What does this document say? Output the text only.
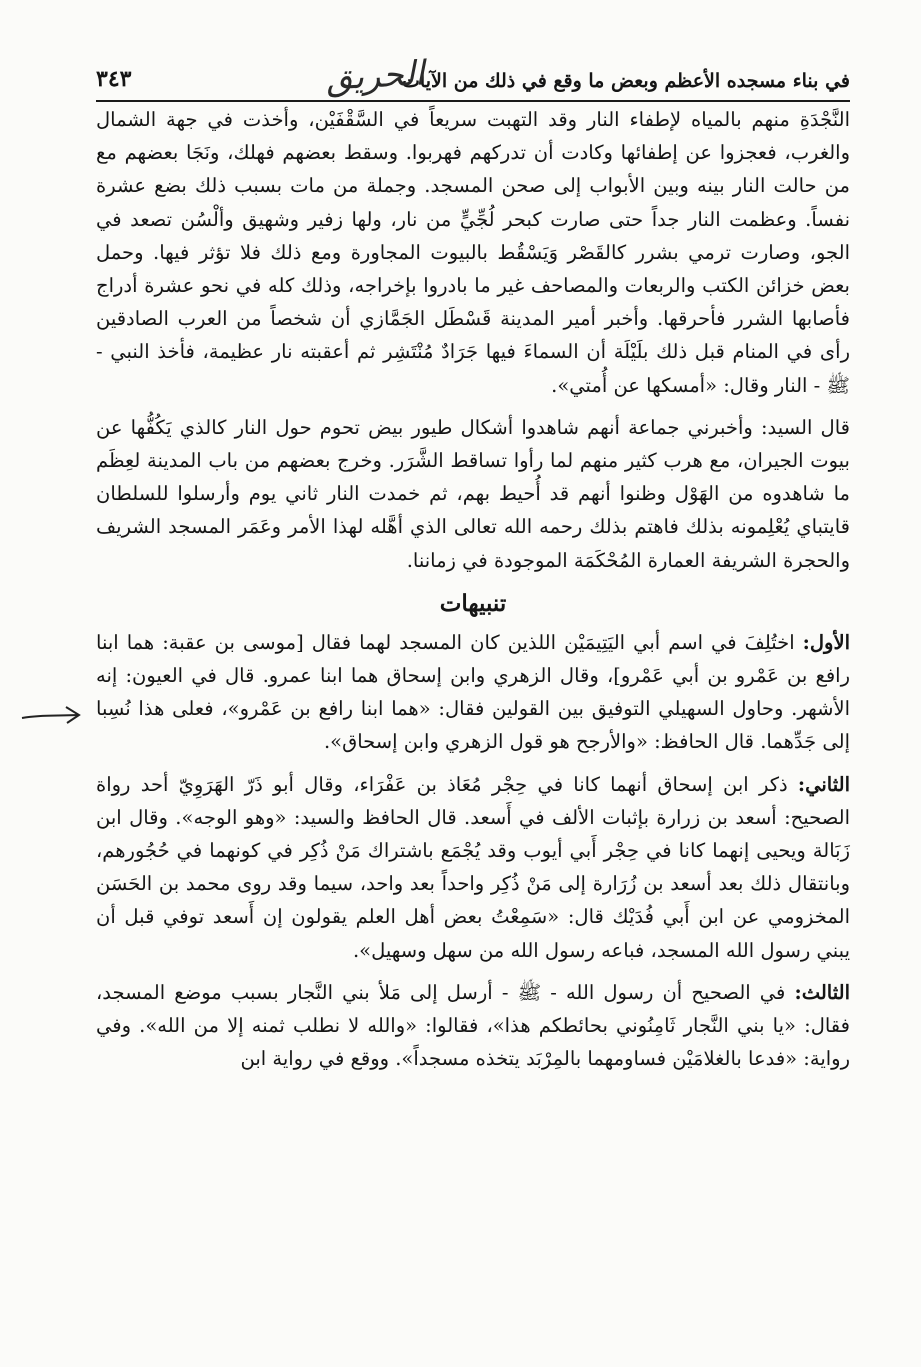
في بناء مسجده الأعظم وبعض ما وقع في ذلك من الآيات
الحريق
٣٤٣

النَّجْدَةِ منهم بالمياه لإطفاء النار وقد التهبت سريعاً في السَّقْفَيْن، وأخذت في جهة الشمال والغرب، فعجزوا عن إطفائها وكادت أن تدركهم فهربوا. وسقط بعضهم فهلك، ونَجَا بعضهم مع من حالت النار بينه وبين الأبواب إلى صحن المسجد. وجملة من مات بسبب ذلك بضع عشرة نفساً. وعظمت النار جداً حتى صارت كبحر لُجِّيٍّ من نار، ولها زفير وشهيق وألْسُن تصعد في الجو، وصارت ترمي بشرر كالقَصْر وَيَسْقُط بالبيوت المجاورة ومع ذلك فلا تؤثر فيها. وحمل بعض خزائن الكتب والربعات والمصاحف غير ما بادروا بإخراجه، وذلك كله في نحو عشرة أدراج فأصابها الشرر فأحرقها. وأخبر أمير المدينة قَسْطَل الجَمَّازي أن شخصاً من العرب الصادقين رأى في المنام قبل ذلك بلَيْلَة أن السماءَ فيها جَرَادٌ مُنْتَشِر ثم أعقبته نار عظيمة، فأخذ النبي - ﷺ - النار وقال: «أمسكها عن أُمتي».

قال السيد: وأخبرني جماعة أنهم شاهدوا أشكال طيور بيض تحوم حول النار كالذي يَكُفُّها عن بيوت الجيران، مع هرب كثير منهم لما رأوا تساقط الشَّرَر. وخرج بعضهم من باب المدينة لعِظَم ما شاهدوه من الهَوْل وظنوا أنهم قد أُحيط بهم، ثم خمدت النار ثاني يوم وأرسلوا للسلطان قايتباي يُعْلِمونه بذلك فاهتم بذلك رحمه الله تعالى الذي أهَّله لهذا الأمر وعَمَر المسجد الشريف والحجرة الشريفة العمارة المُحْكَمَة الموجودة في زماننا.

تنبيهات

الأول: اختُلِفَ في اسم أبي اليَتِيمَيْن اللذين كان المسجد لهما فقال [موسى بن عقبة: هما ابنا رافع بن عَمْرو بن أبي عَمْرو]، وقال الزهري وابن إسحاق هما ابنا عمرو. قال في العيون: إنه الأشهر. وحاول السهيلي التوفيق بين القولين فقال: «هما ابنا رافع بن عَمْرو»، فعلى هذا نُسِبا إلى جَدِّهما. قال الحافظ: «والأرجح هو قول الزهري وابن إسحاق».

الثاني: ذكر ابن إسحاق أنهما كانا في حِجْر مُعَاذ بن عَفْرَاء، وقال أبو ذَرّ الهَرَوِيّ أحد رواة الصحيح: أسعد بن زرارة بإثبات الألف في أَسعد. قال الحافظ والسيد: «وهو الوجه». وقال ابن زَبَالة ويحيى إنهما كانا في حِجْر أَبي أيوب وقد يُجْمَع باشتراك مَنْ ذُكِر في كونهما في حُجُورهم، وبانتقال ذلك بعد أسعد بن زُرَارة إلى مَنْ ذُكِر واحداً بعد واحد، سيما وقد روى محمد بن الحَسَن المخزومي عن ابن أَبي فُدَيْك قال: «سَمِعْتُ بعض أهل العلم يقولون إن أَسعد توفي قبل أن يبني رسول الله المسجد، فباعه رسول الله من سهل وسهيل».

الثالث: في الصحيح أن رسول الله - ﷺ - أرسل إلى مَلأ بني النَّجار بسبب موضع المسجد، فقال: «يا بني النَّجار ثَامِنُوني بحائطكم هذا»، فقالوا: «والله لا نطلب ثمنه إلا من الله». وفي رواية: «فدعا بالغلامَيْن فساومهما بالمِرْبَد يتخذه مسجداً». ووقع في رواية ابن
